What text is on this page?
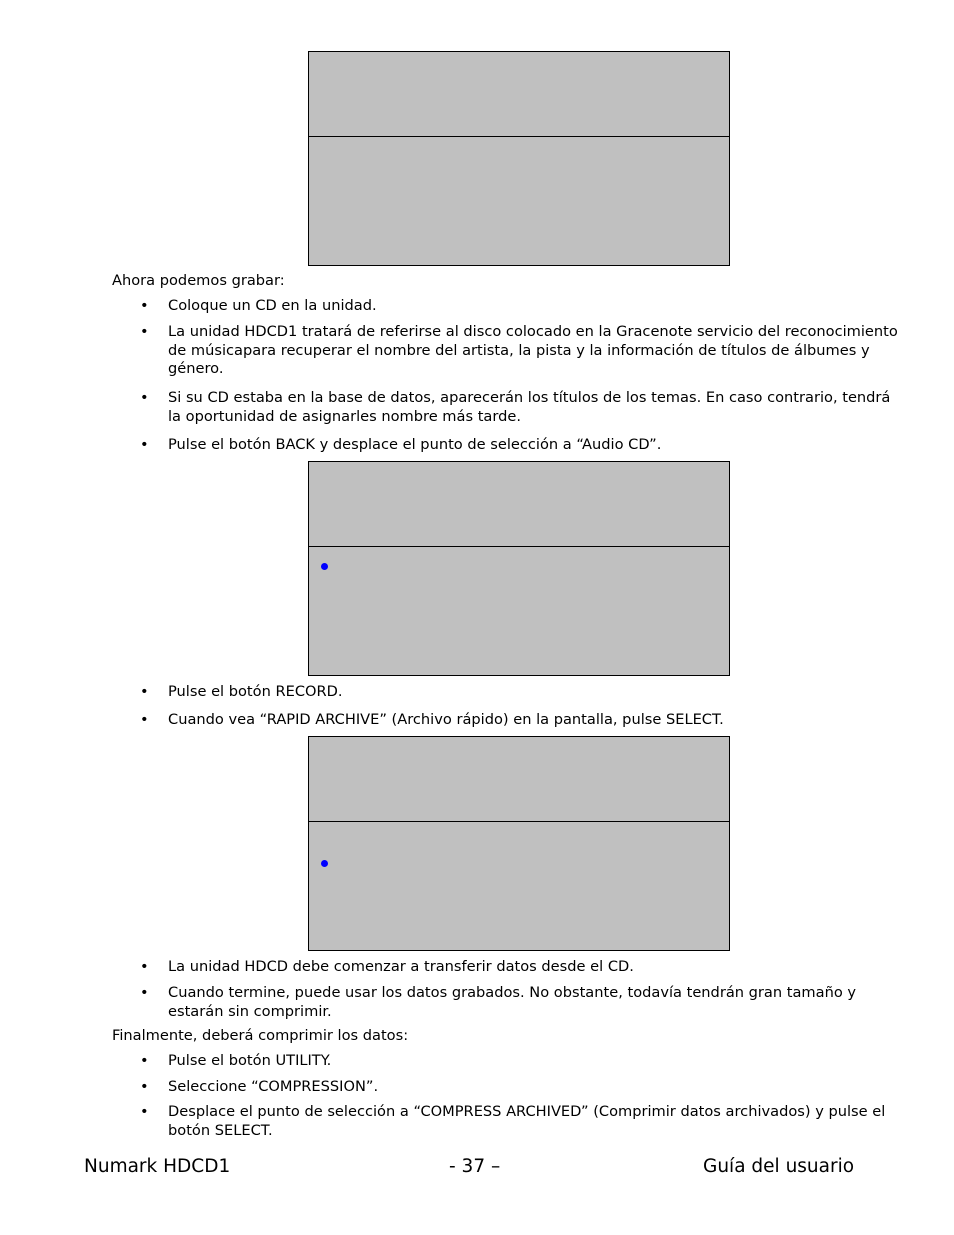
Ahora podemos grabar:
• Coloque un CD en la unidad.
• La unidad HDCD1 tratará de referirse al disco colocado en la Gracenote servicio del reconocimiento de músicapara recuperar el nombre del artista, la pista y la información de títulos de álbumes y género.
• Si su CD estaba en la base de datos, aparecerán los títulos de los temas. En caso contrario, tendrá la oportunidad de asignarles nombre más tarde.
• Pulse el botón BACK y desplace el punto de selección a “Audio CD”.
• Pulse el botón RECORD.
• Cuando vea “RAPID ARCHIVE” (Archivo rápido) en la pantalla, pulse SELECT.
• La unidad HDCD debe comenzar a transferir datos desde el CD.
• Cuando termine, puede usar los datos grabados. No obstante, todavía tendrán gran tamaño y estarán sin comprimir.
Finalmente, deberá comprimir los datos:
• Pulse el botón UTILITY.
• Seleccione “COMPRESSION”.
• Desplace el punto de selección a “COMPRESS ARCHIVED” (Comprimir datos archivados) y pulse el botón SELECT.
Numark HDCD1	- 37 –	Guía del usuario
